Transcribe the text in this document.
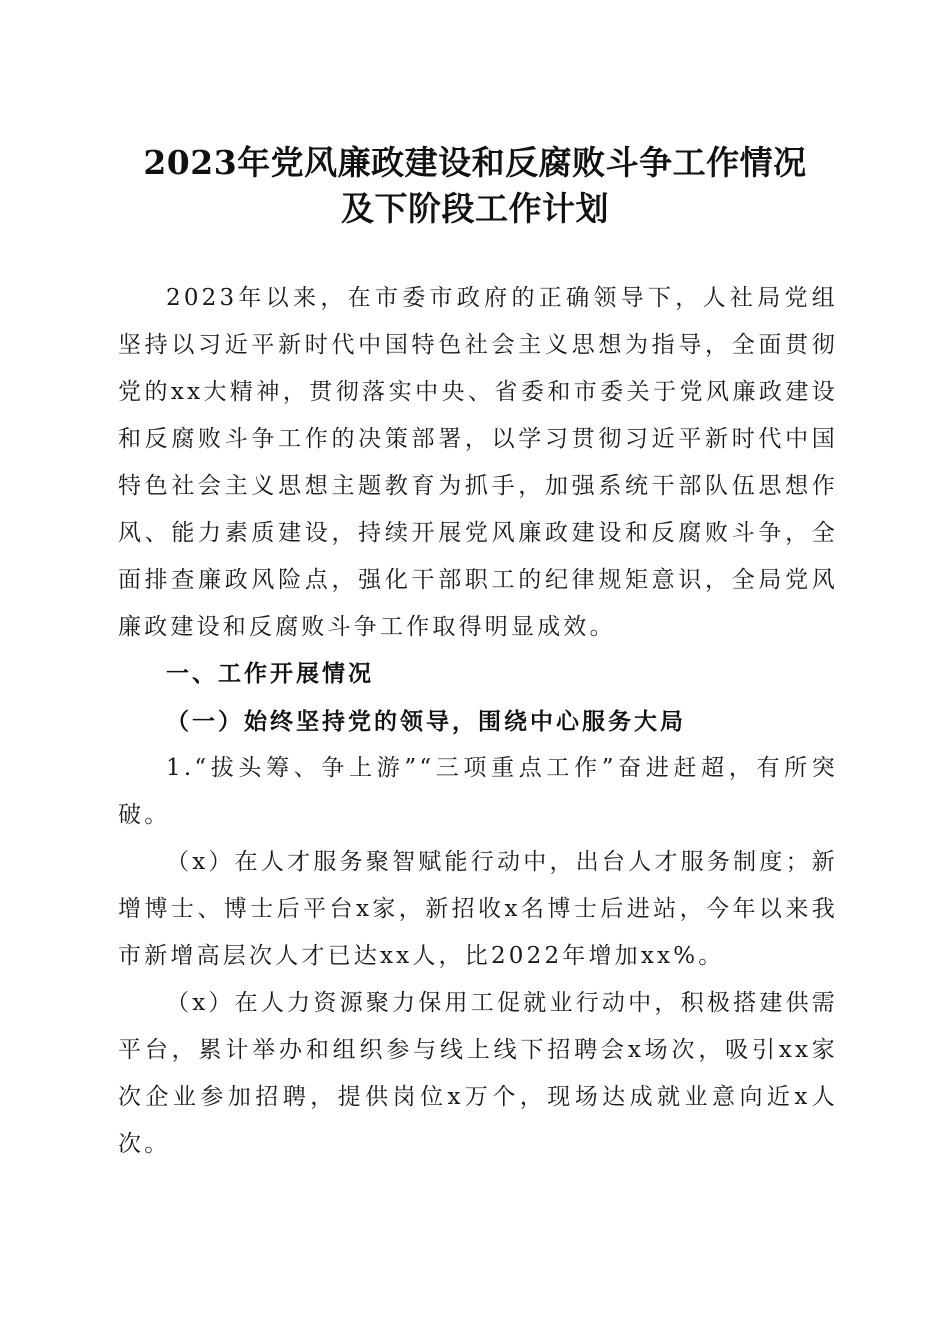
2023年党风廉政建设和反腐败斗争工作情况
及下阶段工作计划

2023年以来，在市委市政府的正确领导下，人社局党组坚持以习近平新时代中国特色社会主义思想为指导，全面贯彻党的xx大精神，贯彻落实中央、省委和市委关于党风廉政建设和反腐败斗争工作的决策部署，以学习贯彻习近平新时代中国特色社会主义思想主题教育为抓手，加强系统干部队伍思想作风、能力素质建设，持续开展党风廉政建设和反腐败斗争，全面排查廉政风险点，强化干部职工的纪律规矩意识，全局党风廉政建设和反腐败斗争工作取得明显成效。

一、工作开展情况

（一）始终坚持党的领导，围绕中心服务大局

1.“拔头筹、争上游”“三项重点工作”奋进赶超，有所突破。

（x）在人才服务聚智赋能行动中，出台人才服务制度；新增博士、博士后平台x家，新招收x名博士后进站，今年以来我市新增高层次人才已达xx人，比2022年增加xx%。

（x）在人力资源聚力保用工促就业行动中，积极搭建供需平台，累计举办和组织参与线上线下招聘会x场次，吸引xx家次企业参加招聘，提供岗位x万个，现场达成就业意向近x人次。
